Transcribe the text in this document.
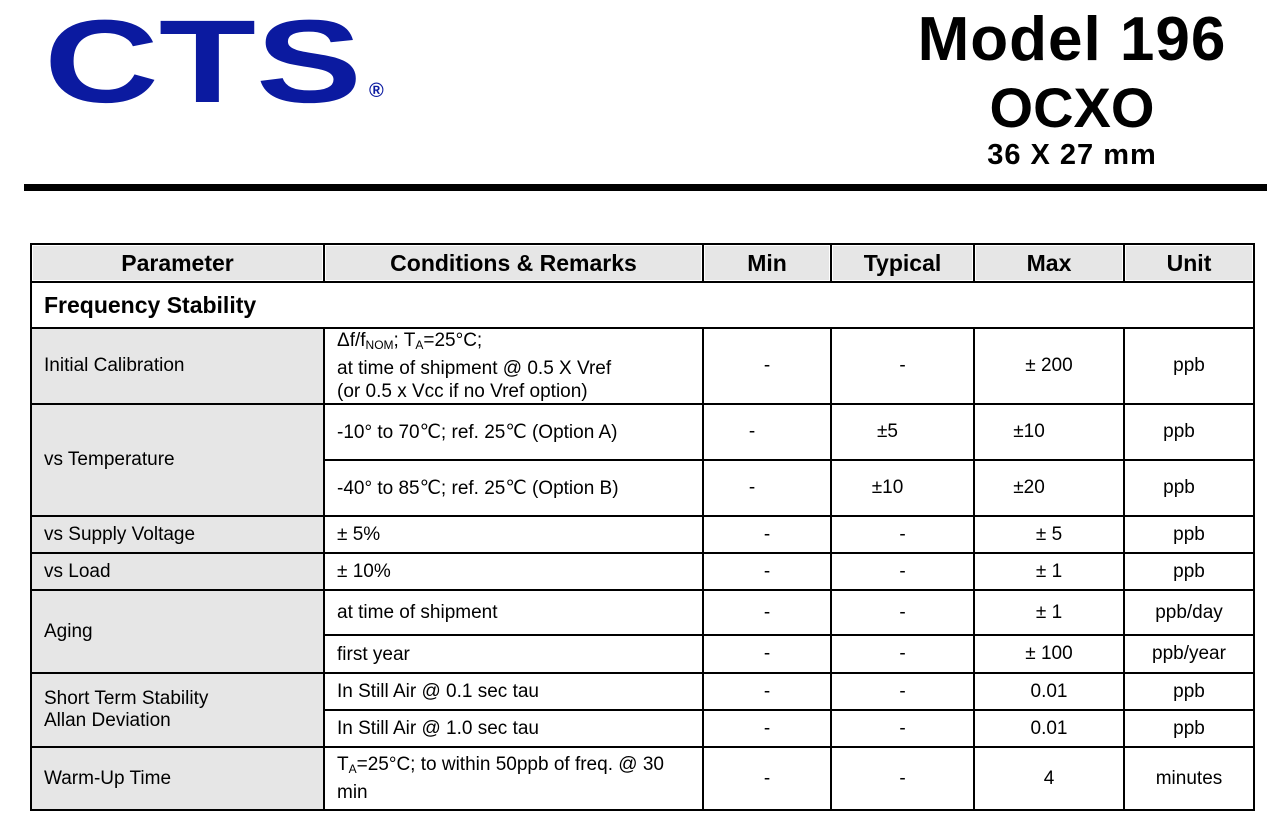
CTS ®
Model 196
OCXO
36 X 27 mm
Parameter	Conditions & Remarks	Min	Typical	Max	Unit
Frequency Stability					
Initial Calibration	$\Delta f/f_{NOM}$; $T_A=25^\circ C$;
at time of shipment @ 0.5 X Vref
(or 0.5 x Vcc if no Vref option)	-	-	± 200	ppb
vs Temperature	-10° to 70℃; ref. 25℃ (Option A)	-	±5	±10	ppb
	-40° to 85℃; ref. 25℃ (Option B)	-	±10	±20	ppb
vs Supply Voltage	± 5%	-	-	± 5	ppb
vs Load	± 10%	-	-	± 1	ppb
Aging	at time of shipment	-	-	± 1	ppb/day
	first year	-	-	± 100	ppb/year

Short Term Stability
Allan Deviation	In Still Air @ 0.1 sec tau	-	-	0.01	ppb
	In Still Air @ 1.0 sec tau	-	-	0.01	ppb
Warm-Up Time	$T_A=25^\circ C$; to within 50ppb of freq. @ 30 min	-	-	4	minutes
